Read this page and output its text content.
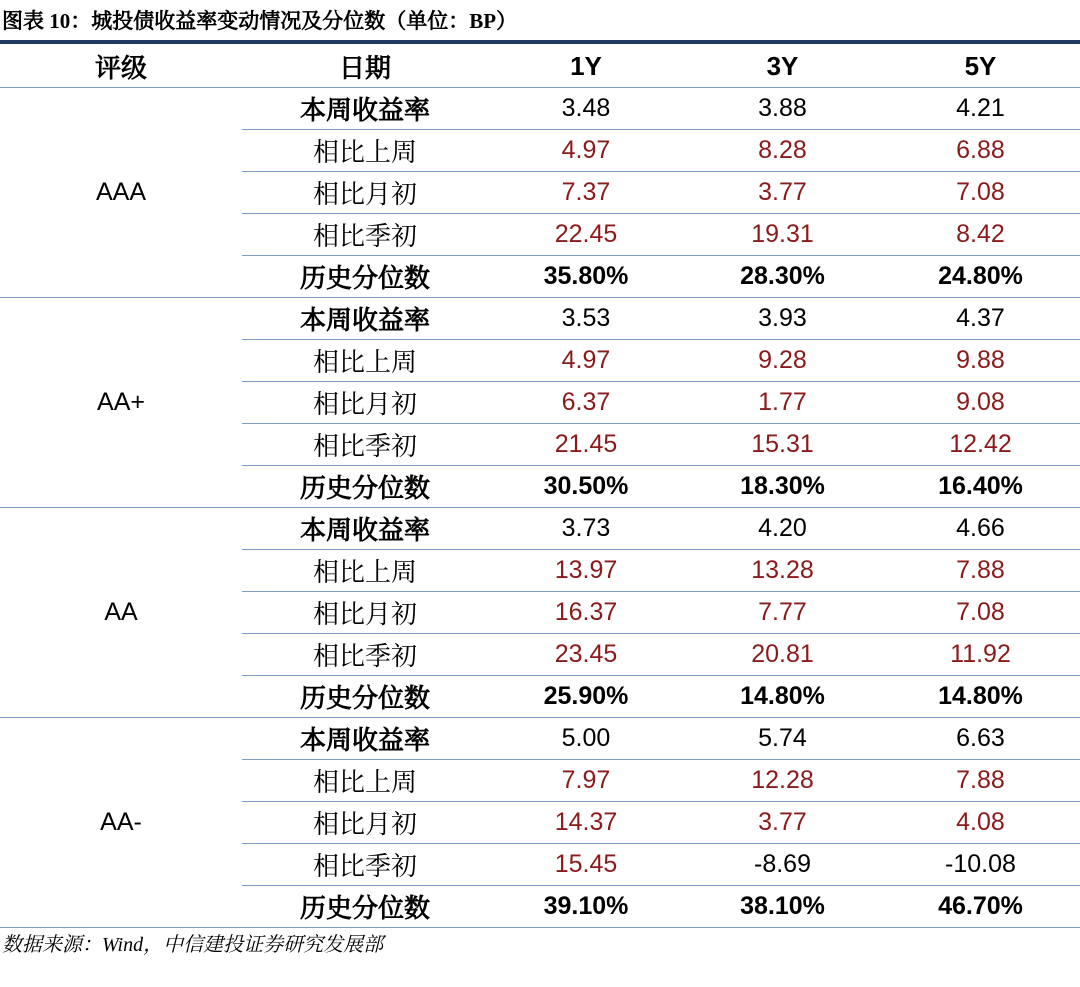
图表 10：城投债收益率变动情况及分位数（单位：BP）
评级	日期	1Y	3Y	5Y
AAA	本周收益率	3.48	3.88	4.21
	相比上周	4.97	8.28	6.88
	相比月初	7.37	3.77	7.08
	相比季初	22.45	19.31	8.42
	历史分位数	35.80%	28.30%	24.80%
AA+	本周收益率	3.53	3.93	4.37
	相比上周	4.97	9.28	9.88
	相比月初	6.37	1.77	9.08
	相比季初	21.45	15.31	12.42
	历史分位数	30.50%	18.30%	16.40%
AA	本周收益率	3.73	4.20	4.66
	相比上周	13.97	13.28	7.88
	相比月初	16.37	7.77	7.08
	相比季初	23.45	20.81	11.92
	历史分位数	25.90%	14.80%	14.80%
AA-	本周收益率	5.00	5.74	6.63
	相比上周	7.97	12.28	7.88
	相比月初	14.37	3.77	4.08
	相比季初	15.45	-8.69	-10.08
	历史分位数	39.10%	38.10%	46.70%
数据来源：Wind，中信建投证券研究发展部
